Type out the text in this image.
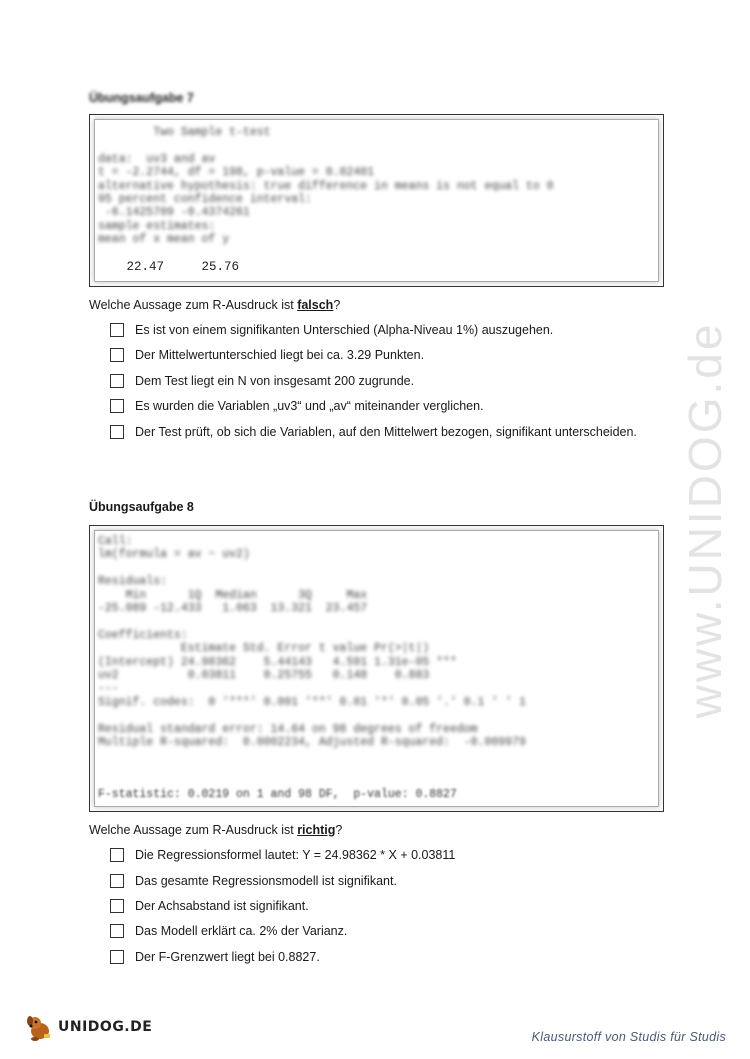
www.UNIDOG.de
Übungsaufgabe 7
Two Sample t-test

data:  uv3 and av
t = -2.2744, df = 198, p-value = 0.02401
alternative hypothesis: true difference in means is not equal to 0
95 percent confidence interval:
-6.1425709 -0.4374261
sample estimates:
mean of x mean of y
22.47     25.76
Welche Aussage zum R-Ausdruck ist falsch?
Es ist von einem signifikanten Unterschied (Alpha-Niveau 1%) auszugehen.
Der Mittelwertunterschied liegt bei ca. 3.29 Punkten.
Dem Test liegt ein N von insgesamt 200 zugrunde.
Es wurden die Variablen „uv3“ und „av“ miteinander verglichen.
Der Test prüft, ob sich die Variablen, auf den Mittelwert bezogen, signifikant unterscheiden.
Übungsaufgabe 8
Call:
lm(formula = av ~ uv2)

Residuals:
Min      1Q  Median      3Q     Max
-25.089 -12.433   1.063  13.321  23.457

Coefficients:
Estimate Std. Error t value Pr(>|t|)
(Intercept) 24.98362    5.44143   4.591 1.31e-05 ***
uv2          0.03811    0.25755   0.148    0.883
---
Signif. codes:  0 '***' 0.001 '**' 0.01 '*' 0.05 '.' 0.1 ' ' 1

Residual standard error: 14.64 on 98 degrees of freedom
Multiple R-squared:  0.0002234, Adjusted R-squared:  -0.009979
F-statistic: 0.0219 on 1 and 98 DF,  p-value: 0.8827
Welche Aussage zum R-Ausdruck ist richtig?
Die Regressionsformel lautet: Y = 24.98362 * X + 0.03811
Das gesamte Regressionsmodell ist signifikant.
Der Achsabstand ist signifikant.
Das Modell erklärt ca. 2% der Varianz.
Der F-Grenzwert liegt bei 0.8827.
UNIDOG.DE
Klausurstoff von Studis für Studis
